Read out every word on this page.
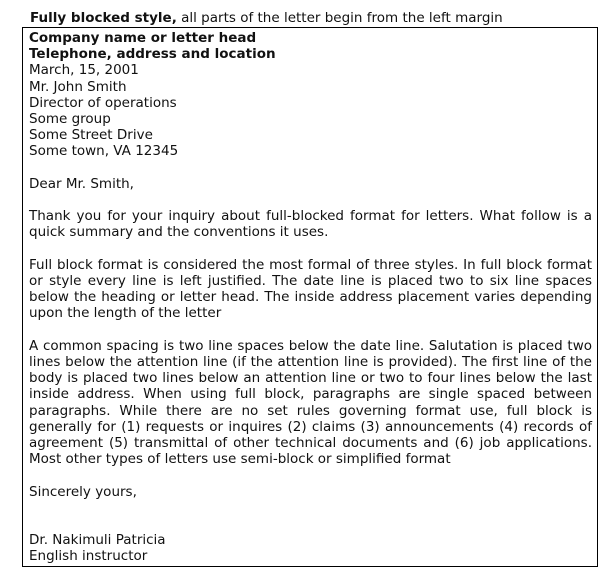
Fully blocked style, all parts of the letter begin from the left margin

Company name or letter head

Telephone, address and location

March, 15, 2001

Mr. John Smith

Director of operations

Some group

Some Street Drive

Some town, VA 12345

Dear Mr. Smith,

Thank you for your inquiry about full-blocked format for letters. What follow is a quick summary and the conventions it uses.

Full block format is considered the most formal of three styles. In full block format or style every line is left justified. The date line is placed two to six line spaces below the heading or letter head. The inside address placement varies depending upon the length of the letter

A common spacing is two line spaces below the date line. Salutation is placed two lines below the attention line (if the attention line is provided). The first line of the body is placed two lines below an attention line or two to four lines below the last inside address. When using full block, paragraphs are single spaced between paragraphs. While there are no set rules governing format use, full block is generally for (1) requests or inquires (2) claims (3) announcements (4) records of agreement (5) transmittal of other technical documents and (6) job applications. Most other types of letters use semi-block or simplified format

Sincerely yours,

Dr. Nakimuli Patricia

English instructor
